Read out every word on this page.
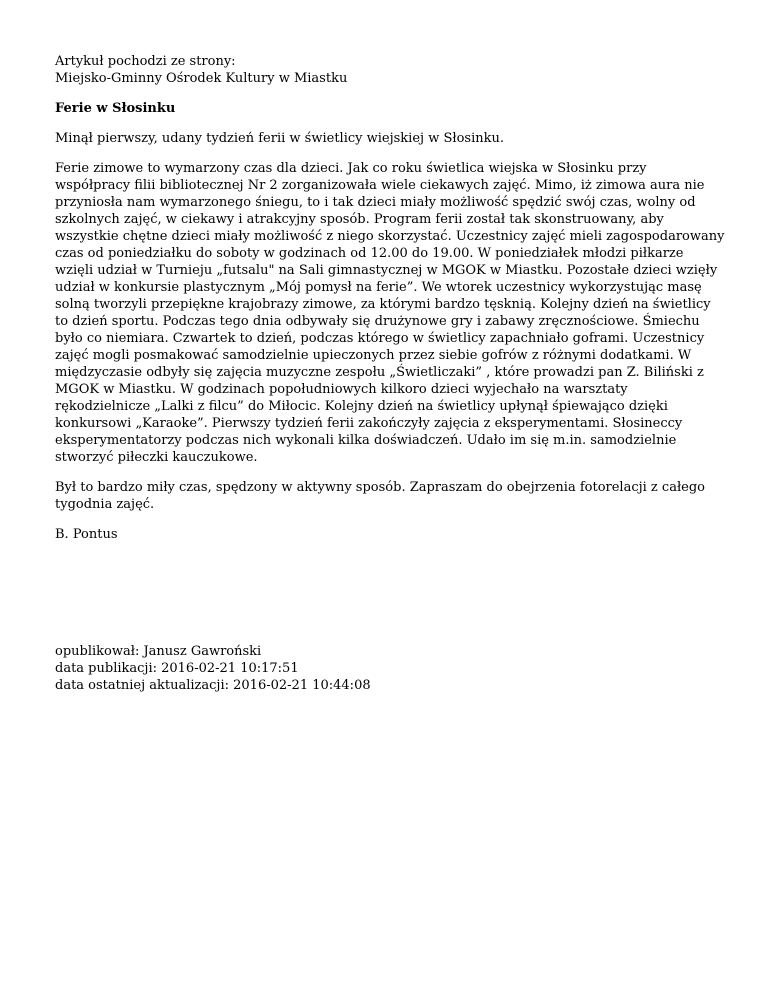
Artykuł pochodzi ze strony:
Miejsko-Gminny Ośrodek Kultury w Miastku
Ferie w Słosinku
Minął pierwszy, udany tydzień ferii w świetlicy wiejskiej w Słosinku.
Ferie zimowe to wymarzony czas dla dzieci. Jak co roku świetlica wiejska w Słosinku przy
współpracy filii bibliotecznej Nr 2 zorganizowała wiele ciekawych zajęć. Mimo, iż zimowa aura nie
przyniosła nam wymarzonego śniegu, to i tak dzieci miały możliwość spędzić swój czas, wolny od
szkolnych zajęć, w ciekawy i atrakcyjny sposób. Program ferii został tak skonstruowany, aby
wszystkie chętne dzieci miały możliwość z niego skorzystać. Uczestnicy zajęć mieli zagospodarowany
czas od poniedziałku do soboty w godzinach od 12.00 do 19.00. W poniedziałek młodzi piłkarze
wzięli udział w Turnieju „futsalu" na Sali gimnastycznej w MGOK w Miastku. Pozostałe dzieci wzięły
udział w konkursie plastycznym „Mój pomysł na ferie”. We wtorek uczestnicy wykorzystując masę
solną tworzyli przepiękne krajobrazy zimowe, za którymi bardzo tęsknią. Kolejny dzień na świetlicy
to dzień sportu. Podczas tego dnia odbywały się drużynowe gry i zabawy zręcznościowe. Śmiechu
było co niemiara. Czwartek to dzień, podczas którego w świetlicy zapachniało goframi. Uczestnicy
zajęć mogli posmakować samodzielnie upieczonych przez siebie gofrów z różnymi dodatkami. W
międzyczasie odbyły się zajęcia muzyczne zespołu „Świetliczaki” , które prowadzi pan Z. Biliński z
MGOK w Miastku. W godzinach popołudniowych kilkoro dzieci wyjechało na warsztaty
rękodzielnicze „Lalki z filcu” do Miłocic. Kolejny dzień na świetlicy upłynął śpiewająco dzięki
konkursowi „Karaoke”. Pierwszy tydzień ferii zakończyły zajęcia z eksperymentami. Słosineccy
eksperymentatorzy podczas nich wykonali kilka doświadczeń. Udało im się m.in. samodzielnie
stworzyć piłeczki kauczukowe.
Był to bardzo miły czas, spędzony w aktywny sposób. Zapraszam do obejrzenia fotorelacji z całego
tygodnia zajęć.
B. Pontus
opublikował: Janusz Gawroński
data publikacji: 2016-02-21 10:17:51
data ostatniej aktualizacji: 2016-02-21 10:44:08
